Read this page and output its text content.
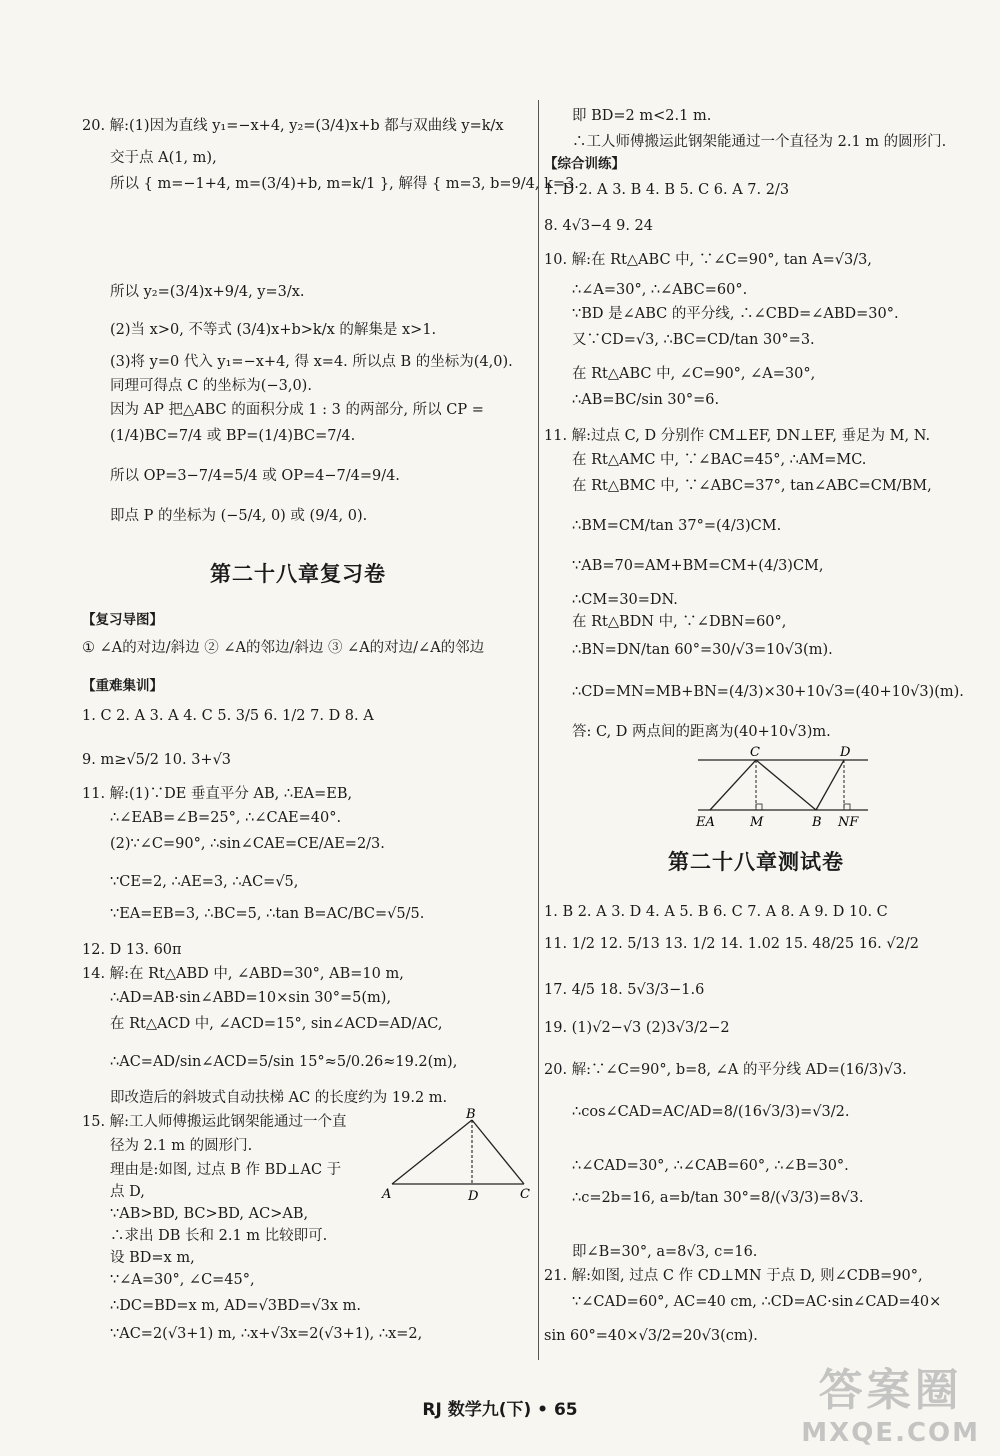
20. 解:(1)因为直线 y₁=−x+4, y₂=(3/4)x+b 都与双曲线 y=k/x
交于点 A(1, m),
所以 { m=−1+4, m=(3/4)+b, m=k/1 }, 解得 { m=3, b=9/4, k=3.
所以 y₂=(3/4)x+9/4, y=3/x.
(2)当 x>0, 不等式 (3/4)x+b>k/x 的解集是 x>1.
(3)将 y=0 代入 y₁=−x+4, 得 x=4. 所以点 B 的坐标为(4,0).
同理可得点 C 的坐标为(−3,0).
因为 AP 把△ABC 的面积分成 1 : 3 的两部分, 所以 CP =
(1/4)BC=7/4 或 BP=(1/4)BC=7/4.
所以 OP=3−7/4=5/4 或 OP=4−7/4=9/4.
即点 P 的坐标为 (−5/4, 0) 或 (9/4, 0).
【复习导图】
① ∠A的对边/斜边 ② ∠A的邻边/斜边 ③ ∠A的对边/∠A的邻边
【重难集训】
1. C 2. A 3. A 4. C 5. 3/5 6. 1/2 7. D 8. A
9. m≥√5/2 10. 3+√3
11. 解:(1)∵DE 垂直平分 AB, ∴EA=EB,
∴∠EAB=∠B=25°, ∴∠CAE=40°.
(2)∵∠C=90°, ∴sin∠CAE=CE/AE=2/3.
∵CE=2, ∴AE=3, ∴AC=√5,
∵EA=EB=3, ∴BC=5, ∴tan B=AC/BC=√5/5.
12. D 13. 60π
14. 解:在 Rt△ABD 中, ∠ABD=30°, AB=10 m,
∴AD=AB·sin∠ABD=10×sin 30°=5(m),
在 Rt△ACD 中, ∠ACD=15°, sin∠ACD=AD/AC,
∴AC=AD/sin∠ACD=5/sin 15°≈5/0.26≈19.2(m),
即改造后的斜坡式自动扶梯 AC 的长度约为 19.2 m.
15. 解:工人师傅搬运此钢架能通过一个直
径为 2.1 m 的圆形门.
理由是:如图, 过点 B 作 BD⊥AC 于
点 D,
∵AB>BD, BC>BD, AC>AB,
∴求出 DB 长和 2.1 m 比较即可.
设 BD=x m,
∵∠A=30°, ∠C=45°,
∴DC=BD=x m, AD=√3BD=√3x m.
∵AC=2(√3+1) m, ∴x+√3x=2(√3+1), ∴x=2,
即 BD=2 m<2.1 m.
∴工人师傅搬运此钢架能通过一个直径为 2.1 m 的圆形门.
【综合训练】
1. D 2. A 3. B 4. B 5. C 6. A 7. 2/3
8. 4√3−4 9. 24
10. 解:在 Rt△ABC 中, ∵∠C=90°, tan A=√3/3,
∴∠A=30°, ∴∠ABC=60°.
∵BD 是∠ABC 的平分线, ∴∠CBD=∠ABD=30°.
又∵CD=√3, ∴BC=CD/tan 30°=3.
在 Rt△ABC 中, ∠C=90°, ∠A=30°,
∴AB=BC/sin 30°=6.
11. 解:过点 C, D 分别作 CM⊥EF, DN⊥EF, 垂足为 M, N.
在 Rt△AMC 中, ∵∠BAC=45°, ∴AM=MC.
在 Rt△BMC 中, ∵∠ABC=37°, tan∠ABC=CM/BM,
∴BM=CM/tan 37°=(4/3)CM.
∵AB=70=AM+BM=CM+(4/3)CM,
∴CM=30=DN.
在 Rt△BDN 中, ∵∠DBN=60°,
∴BN=DN/tan 60°=30/√3=10√3(m).
∴CD=MN=MB+BN=(4/3)×30+10√3=(40+10√3)(m).
答: C, D 两点间的距离为(40+10√3)m.
1. B 2. A 3. D 4. A 5. B 6. C 7. A 8. A 9. D 10. C
11. 1/2 12. 5/13 13. 1/2 14. 1.02 15. 48/25 16. √2/2
17. 4/5 18. 5√3/3−1.6
19. (1)√2−√3 (2)3√3/2−2
20. 解:∵∠C=90°, b=8, ∠A 的平分线 AD=(16/3)√3.
∴cos∠CAD=AC/AD=8/(16√3/3)=√3/2.
∴∠CAD=30°, ∴∠CAB=60°, ∴∠B=30°.
∴c=2b=16, a=b/tan 30°=8/(√3/3)=8√3.
即∠B=30°, a=8√3, c=16.
21. 解:如图, 过点 C 作 CD⊥MN 于点 D, 则∠CDB=90°,
∵∠CAD=60°, AC=40 cm, ∴CD=AC·sin∠CAD=40×
sin 60°=40×√3/2=20√3(cm).
第二十八章复习卷
第二十八章测试卷
B
A	D	C
C	D
EA	M	B NF
RJ 数学九(下) • 65	答案圈
MXQE.COM
